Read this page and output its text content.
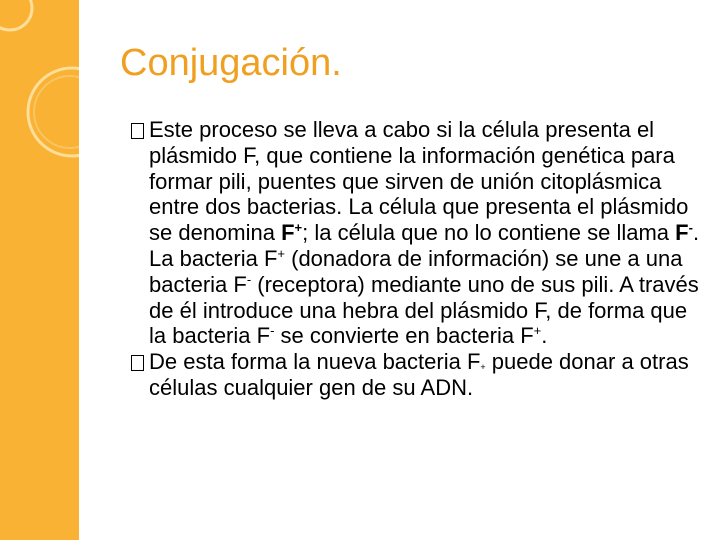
Conjugación.

Este proceso se lleva a cabo si la célula presenta el plásmido F, que contiene la información genética para formar pili, puentes que sirven de unión citoplásmica entre dos bacterias. La célula que presenta el plásmido se denomina F+; la célula que no lo contiene se llama F-. La bacteria F+ (donadora de información) se une a una bacteria F- (receptora) mediante uno de sus pili. A través de él introduce una hebra del plásmido F, de forma que la bacteria F- se convierte en bacteria F+.

De esta forma la nueva bacteria F+ puede donar a otras células cualquier gen de su ADN.
